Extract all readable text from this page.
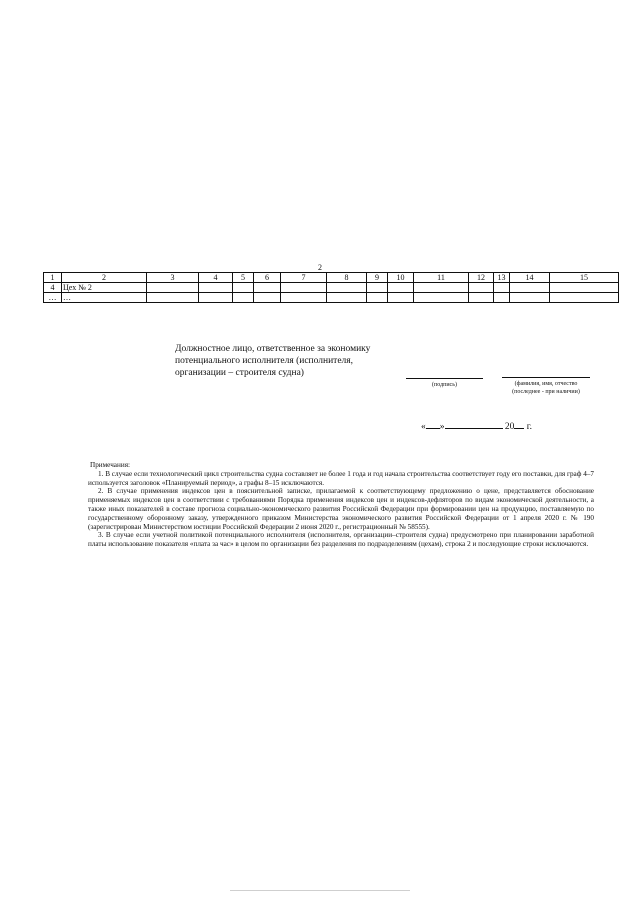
2
1	2	3	4	5	6	7	8	9	10	11	12	13	14	15
4	Цех № 2													
…	…													
Должностное лицо, ответственное за экономику
потенциального исполнителя (исполнителя,
организации – строителя судна)
(подпись)	(фамилия, имя, отчество
(последнее - при наличии)
« »	20 г.

Примечания:

1. В случае если технологический цикл строительства судна составляет не более 1 года и год начала строительства соответствует году его поставки, для граф 4–7 используется заголовок «Планируемый период», а графы 8–15 исключаются.

2. В случае применения индексов цен в пояснительной записке, прилагаемой к соответствующему предложению о цене, представляется обоснование применяемых индексов цен в соответствии с требованиями Порядка применения индексов цен и индексов-дефляторов по видам экономической деятельности, а также иных показателей в составе прогноза социально-экономического развития Российской Федерации при формировании цен на продукцию, поставляемую по государственному оборонному заказу, утвержденного приказом Министерства экономического развития Российской Федерации от 1 апреля 2020 г. № 190 (зарегистрирован Министерством юстиции Российской Федерации 2 июня 2020 г., регистрационный № 58555).

3. В случае если учетной политикой потенциального исполнителя (исполнителя, организации–строителя судна) предусмотрено при планировании заработной платы использование показателя «плата за час» в целом по организации без разделения по подразделениям (цехам), строка 2 и последующие строки исключаются.
